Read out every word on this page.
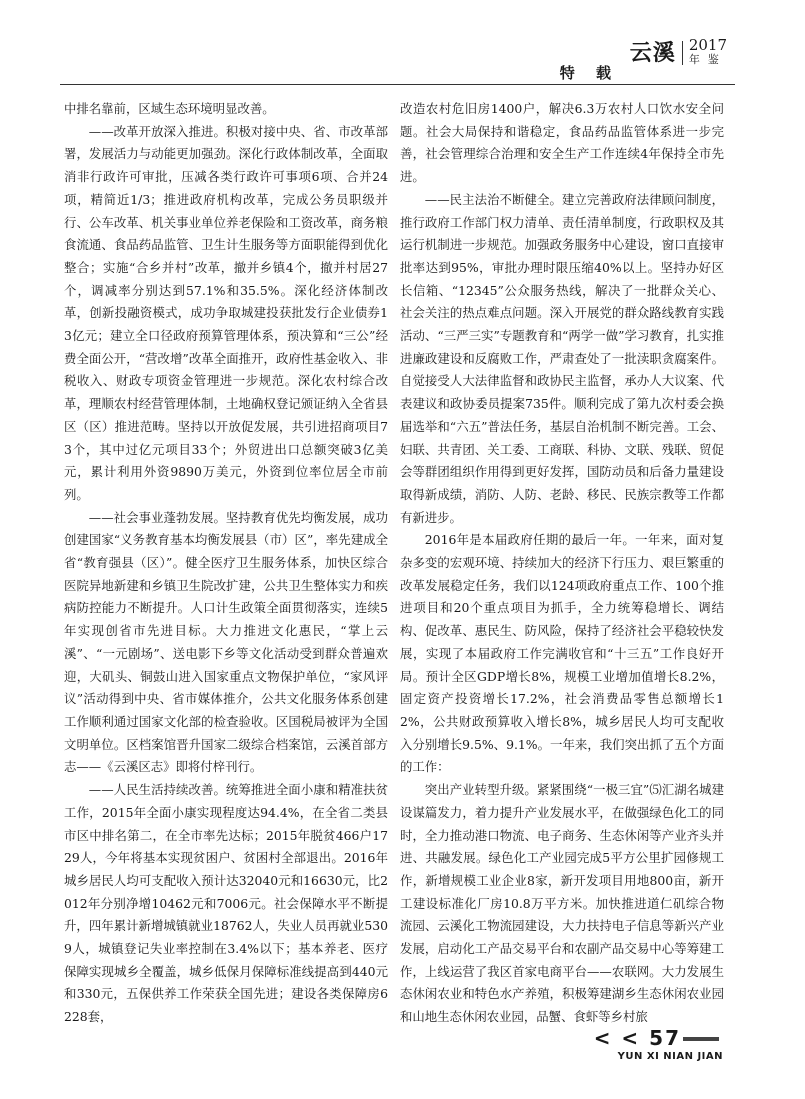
特 载
云溪 2017
年鉴

中排名靠前，区域生态环境明显改善。

——改革开放深入推进。积极对接中央、省、市改革部署，发展活力与动能更加强劲。深化行政体制改革，全面取消非行政许可审批，压减各类行政许可事项6项、合并24项，精简近1/3；推进政府机构改革，完成公务员职级并行、公车改革、机关事业单位养老保险和工资改革，商务粮食流通、食品药品监管、卫生计生服务等方面职能得到优化整合；实施“合乡并村”改革，撤并乡镇4个，撤并村居27个，调减率分别达到57.1%和35.5%。深化经济体制改革，创新投融资模式，成功争取城建投获批发行企业债券13亿元；建立全口径政府预算管理体系，预决算和“三公”经费全面公开，“营改增”改革全面推开，政府性基金收入、非税收入、财政专项资金管理进一步规范。深化农村综合改革，理顺农村经营管理体制，土地确权登记颁证纳入全省县区（区）推进范畴。坚持以开放促发展，共引进招商项目73个，其中过亿元项目33个；外贸进出口总额突破3亿美元，累计利用外资9890万美元，外资到位率位居全市前列。

——社会事业蓬勃发展。坚持教育优先均衡发展，成功创建国家“义务教育基本均衡发展县（市）区”，率先建成全省“教育强县（区）”。健全医疗卫生服务体系，加快区综合医院异地新建和乡镇卫生院改扩建，公共卫生整体实力和疾病防控能力不断提升。人口计生政策全面贯彻落实，连续5年实现创省市先进目标。大力推进文化惠民，“掌上云溪”、“一元剧场”、送电影下乡等文化活动受到群众普遍欢迎，大矶头、铜鼓山进入国家重点文物保护单位，“家风评议”活动得到中央、省市媒体推介，公共文化服务体系创建工作顺利通过国家文化部的检查验收。区国税局被评为全国文明单位。区档案馆晋升国家二级综合档案馆，云溪首部方志——《云溪区志》即将付梓刊行。

——人民生活持续改善。统筹推进全面小康和精准扶贫工作，2015年全面小康实现程度达94.4%，在全省二类县市区中排名第二，在全市率先达标；2015年脱贫466户1729人，今年将基本实现贫困户、贫困村全部退出。2016年城乡居民人均可支配收入预计达32040元和16630元，比2012年分别净增10462元和7006元。社会保障水平不断提升，四年累计新增城镇就业18762人，失业人员再就业5309人，城镇登记失业率控制在3.4%以下；基本养老、医疗保障实现城乡全覆盖，城乡低保月保障标准线提高到440元和330元，五保供养工作荣获全国先进；建设各类保障房6228套，

改造农村危旧房1400户，解决6.3万农村人口饮水安全问题。社会大局保持和谐稳定，食品药品监管体系进一步完善，社会管理综合治理和安全生产工作连续4年保持全市先进。

——民主法治不断健全。建立完善政府法律顾问制度，推行政府工作部门权力清单、责任清单制度，行政职权及其运行机制进一步规范。加强政务服务中心建设，窗口直接审批率达到95%，审批办理时限压缩40%以上。坚持办好区长信箱、“12345”公众服务热线，解决了一批群众关心、社会关注的热点难点问题。深入开展党的群众路线教育实践活动、“三严三实”专题教育和“两学一做”学习教育，扎实推进廉政建设和反腐败工作，严肃查处了一批渎职贪腐案件。自觉接受人大法律监督和政协民主监督，承办人大议案、代表建议和政协委员提案735件。顺利完成了第九次村委会换届选举和“六五”普法任务，基层自治机制不断完善。工会、妇联、共青团、关工委、工商联、科协、文联、残联、贸促会等群团组织作用得到更好发挥，国防动员和后备力量建设取得新成绩，消防、人防、老龄、移民、民族宗教等工作都有新进步。

2016年是本届政府任期的最后一年。一年来，面对复杂多变的宏观环境、持续加大的经济下行压力、艰巨繁重的改革发展稳定任务，我们以124项政府重点工作、100个推进项目和20个重点项目为抓手，全力统筹稳增长、调结构、促改革、惠民生、防风险，保持了经济社会平稳较快发展，实现了本届政府工作完满收官和“十三五”工作良好开局。预计全区GDP增长8%，规模工业增加值增长8.2%，固定资产投资增长17.2%，社会消费品零售总额增长12%，公共财政预算收入增长8%，城乡居民人均可支配收入分别增长9.5%、9.1%。一年来，我们突出抓了五个方面的工作：

突出产业转型升级。紧紧围绕“一极三宜”⑸汇湖名城建设谋篇发力，着力提升产业发展水平，在做强绿色化工的同时，全力推动港口物流、电子商务、生态休闲等产业齐头并进、共融发展。绿色化工产业园完成5平方公里扩园修规工作，新增规模工业企业8家，新开发项目用地800亩，新开工建设标准化厂房10.8万平方米。加快推进道仁矶综合物流园、云溪化工物流园建设，大力扶持电子信息等新兴产业发展，启动化工产品交易平台和农副产品交易中心等筹建工作，上线运营了我区首家电商平台——农联网。大力发展生态休闲农业和特色水产养殖，积极筹建湖乡生态休闲农业园和山地生态休闲农业园，品蟹、食虾等乡村旅

< < 57
YUN XI NIAN JIAN
